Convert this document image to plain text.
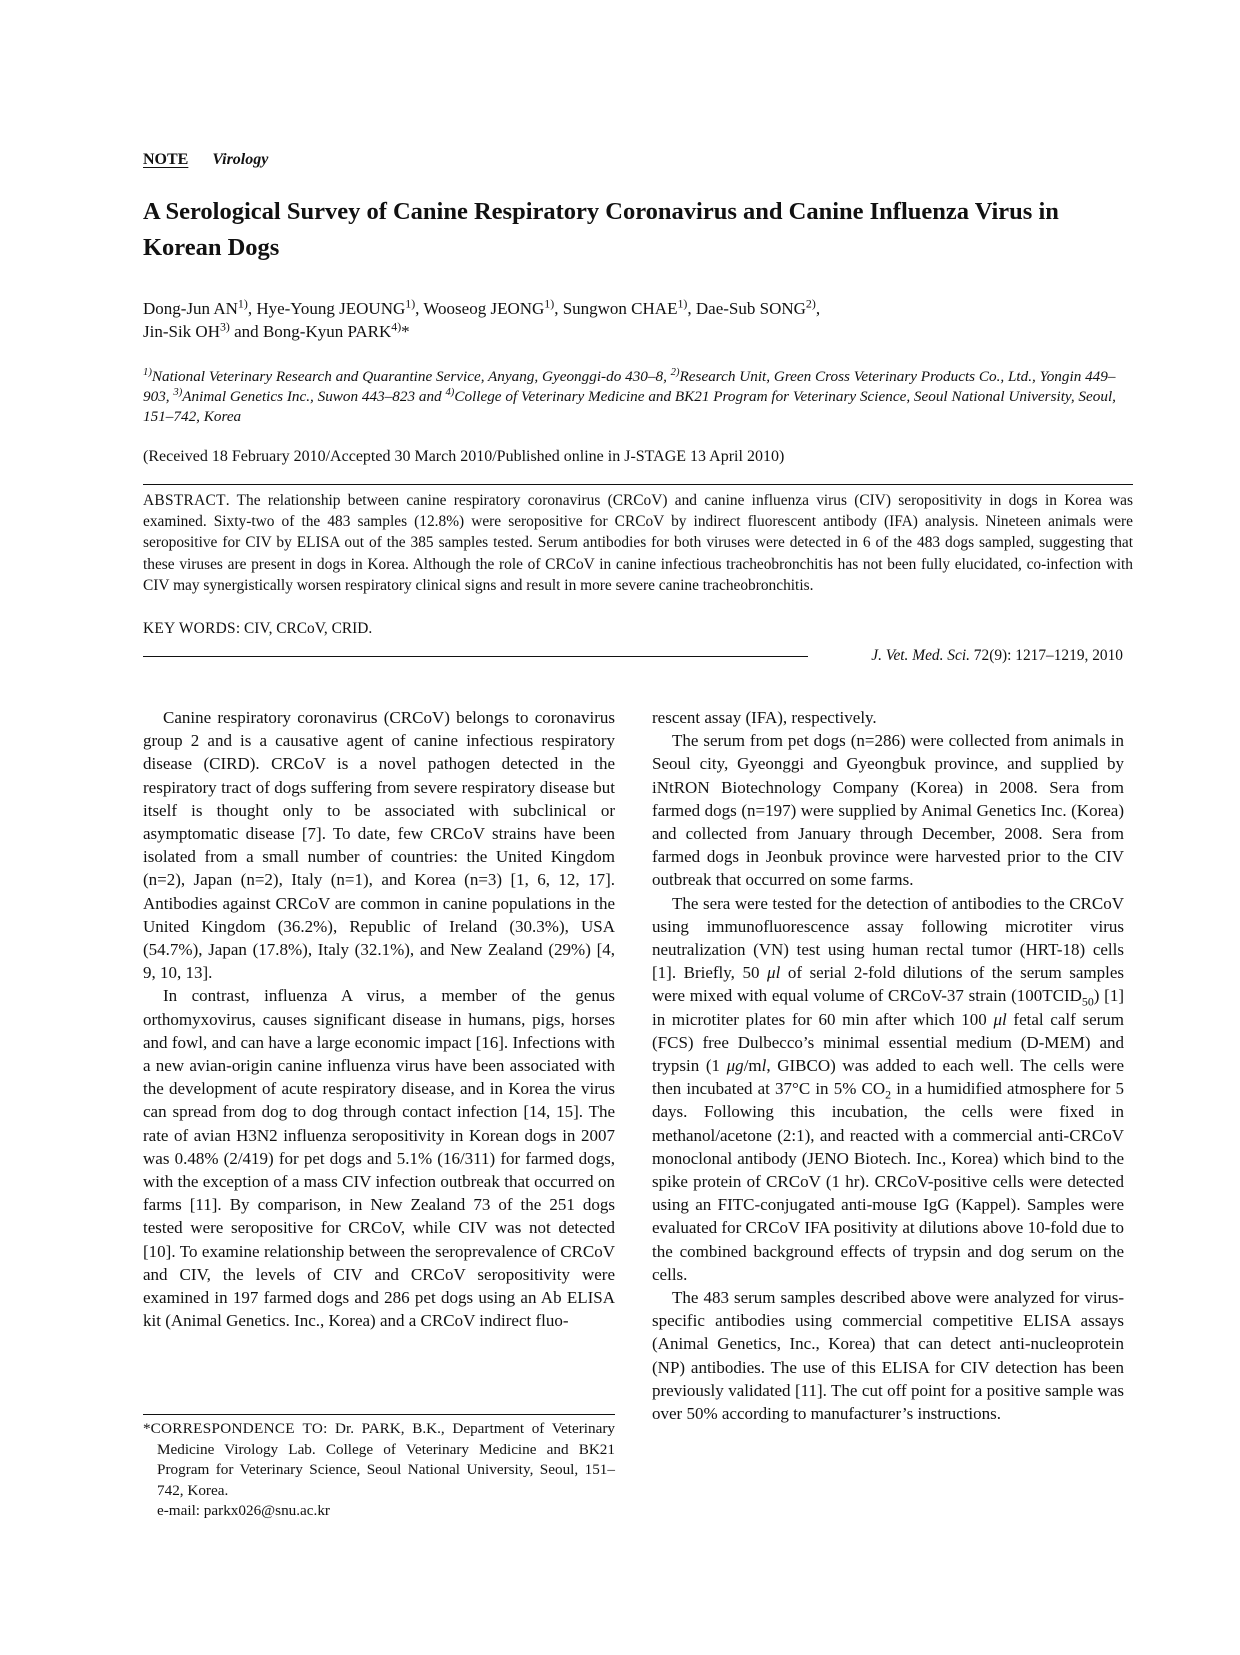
NOTE Virology
A Serological Survey of Canine Respiratory Coronavirus and Canine Influenza Virus in Korean Dogs
Dong-Jun AN$^{1)}$, Hye-Young JEOUNG$^{1)}$, Wooseog JEONG$^{1)}$, Sungwon CHAE$^{1)}$, Dae-Sub SONG$^{2)}$,
Jin-Sik OH$^{3)}$ and Bong-Kyun PARK$^{4)}$*
$^{1)}$National Veterinary Research and Quarantine Service, Anyang, Gyeonggi-do 430–8, $^{2)}$Research Unit, Green Cross Veterinary Products Co., Ltd., Yongin 449–903, $^{3)}$Animal Genetics Inc., Suwon 443–823 and $^{4)}$College of Veterinary Medicine and BK21 Program for Veterinary Science, Seoul National University, Seoul, 151–742, Korea
(Received 18 February 2010/Accepted 30 March 2010/Published online in J-STAGE 13 April 2010)
ABSTRACT. The relationship between canine respiratory coronavirus (CRCoV) and canine influenza virus (CIV) seropositivity in dogs in Korea was examined. Sixty-two of the 483 samples (12.8%) were seropositive for CRCoV by indirect fluorescent antibody (IFA) analysis. Nineteen animals were seropositive for CIV by ELISA out of the 385 samples tested. Serum antibodies for both viruses were detected in 6 of the 483 dogs sampled, suggesting that these viruses are present in dogs in Korea. Although the role of CRCoV in canine infectious tracheobronchitis has not been fully elucidated, co-infection with CIV may synergistically worsen respiratory clinical signs and result in more severe canine tracheobronchitis.
KEY WORDS: CIV, CRCoV, CRID.
J. Vet. Med. Sci. 72(9): 1217–1219, 2010

Canine respiratory coronavirus (CRCoV) belongs to coronavirus group 2 and is a causative agent of canine infectious respiratory disease (CIRD). CRCoV is a novel pathogen detected in the respiratory tract of dogs suffering from severe respiratory disease but itself is thought only to be associated with subclinical or asymptomatic disease [7]. To date, few CRCoV strains have been isolated from a small number of countries: the United Kingdom (n=2), Japan (n=2), Italy (n=1), and Korea (n=3) [1, 6, 12, 17]. Antibodies against CRCoV are common in canine populations in the United Kingdom (36.2%), Republic of Ireland (30.3%), USA (54.7%), Japan (17.8%), Italy (32.1%), and New Zealand (29%) [4, 9, 10, 13].

In contrast, influenza A virus, a member of the genus orthomyxovirus, causes significant disease in humans, pigs, horses and fowl, and can have a large economic impact [16]. Infections with a new avian-origin canine influenza virus have been associated with the development of acute respiratory disease, and in Korea the virus can spread from dog to dog through contact infection [14, 15]. The rate of avian H3N2 influenza seropositivity in Korean dogs in 2007 was 0.48% (2/419) for pet dogs and 5.1% (16/311) for farmed dogs, with the exception of a mass CIV infection outbreak that occurred on farms [11]. By comparison, in New Zealand 73 of the 251 dogs tested were seropositive for CRCoV, while CIV was not detected [10]. To examine relationship between the seroprevalence of CRCoV and CIV, the levels of CIV and CRCoV seropositivity were examined in 197 farmed dogs and 286 pet dogs using an Ab ELISA kit (Animal Genetics. Inc., Korea) and a CRCoV indirect fluo-

*CORRESPONDENCE TO: Dr. PARK, B.K., Department of Veterinary Medicine Virology Lab. College of Veterinary Medicine and BK21 Program for Veterinary Science, Seoul National University, Seoul, 151–742, Korea.
e-mail: parkx026@snu.ac.kr

rescent assay (IFA), respectively.

The serum from pet dogs (n=286) were collected from animals in Seoul city, Gyeonggi and Gyeongbuk province, and supplied by iNtRON Biotechnology Company (Korea) in 2008. Sera from farmed dogs (n=197) were supplied by Animal Genetics Inc. (Korea) and collected from January through December, 2008. Sera from farmed dogs in Jeonbuk province were harvested prior to the CIV outbreak that occurred on some farms.

The sera were tested for the detection of antibodies to the CRCoV using immunofluorescence assay following microtiter virus neutralization (VN) test using human rectal tumor (HRT-18) cells [1]. Briefly, 50 μl of serial 2-fold dilutions of the serum samples were mixed with equal volume of CRCoV-37 strain $(100TCID_{50})$ [1] in microtiter plates for 60 min after which 100 μl fetal calf serum (FCS) free Dulbecco’s minimal essential medium (D-MEM) and trypsin (1 μg/ml, GIBCO) was added to each well. The cells were then incubated at 37°C in 5% $CO_2$ in a humidified atmosphere for 5 days. Following this incubation, the cells were fixed in methanol/acetone (2:1), and reacted with a commercial anti-CRCoV monoclonal antibody (JENO Biotech. Inc., Korea) which bind to the spike protein of CRCoV (1 hr). CRCoV-positive cells were detected using an FITC-conjugated anti-mouse IgG (Kappel). Samples were evaluated for CRCoV IFA positivity at dilutions above 10-fold due to the combined background effects of trypsin and dog serum on the cells.

The 483 serum samples described above were analyzed for virus-specific antibodies using commercial competitive ELISA assays (Animal Genetics, Inc., Korea) that can detect anti-nucleoprotein (NP) antibodies. The use of this ELISA for CIV detection has been previously validated [11]. The cut off point for a positive sample was over 50% according to manufacturer’s instructions.
